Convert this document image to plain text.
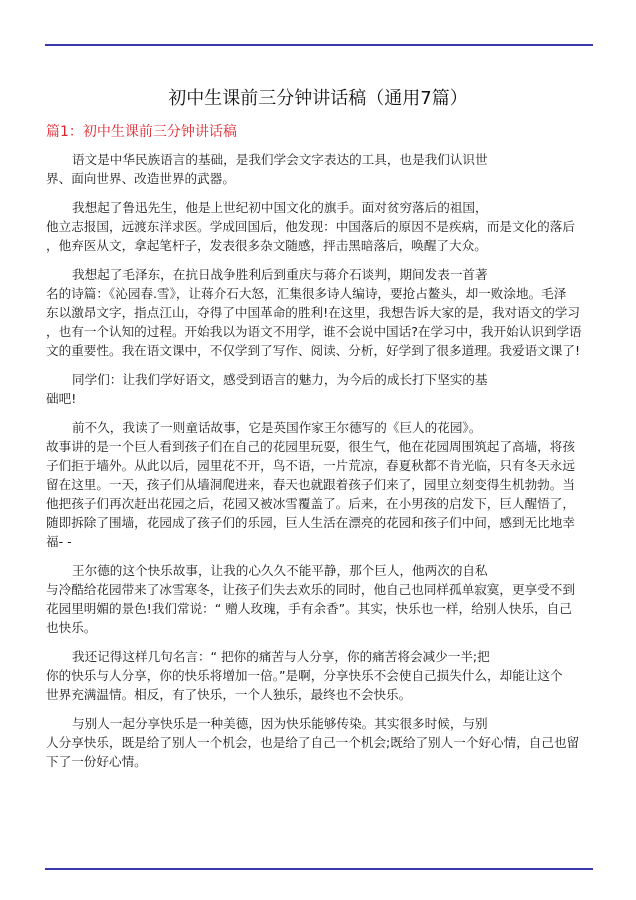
初中生课前三分钟讲话稿（通用7篇）
篇1：初中生课前三分钟讲话稿
语文是中华民族语言的基础，是我们学会文字表达的工具，也是我们认识世
界、面向世界、改造世界的武器。
我想起了鲁迅先生，他是上世纪初中国文化的旗手。面对贫穷落后的祖国，
他立志报国，远渡东洋求医。学成回国后，他发现：中国落后的原因不是疾病，而是文化的落后
，他弃医从文，拿起笔杆子，发表很多杂文随感，抨击黑暗落后，唤醒了大众。
我想起了毛泽东，在抗日战争胜利后到重庆与蒋介石谈判，期间发表一首著
名的诗篇：《沁园春.雪》，让蒋介石大怒，汇集很多诗人编诗，要抢占鳌头，却一败涂地。毛泽
东以激昂文字，指点江山，夺得了中国革命的胜利!在这里，我想告诉大家的是，我对语文的学习
，也有一个认知的过程。开始我以为语文不用学，谁不会说中国话?在学习中，我开始认识到学语
文的重要性。我在语文课中，不仅学到了写作、阅读、分析，好学到了很多道理。我爱语文课了!
同学们：让我们学好语文，感受到语言的魅力，为今后的成长打下坚实的基
础吧!
前不久，我读了一则童话故事，它是英国作家王尔德写的《巨人的花园》。
故事讲的是一个巨人看到孩子们在自己的花园里玩耍，很生气，他在花园周围筑起了高墙，将孩
子们拒于墙外。从此以后，园里花不开，鸟不语，一片荒凉，春夏秋都不肯光临，只有冬天永远
留在这里。一天，孩子们从墙洞爬进来，春天也就跟着孩子们来了，园里立刻变得生机勃勃。当
他把孩子们再次赶出花园之后，花园又被冰雪覆盖了。后来，在小男孩的启发下，巨人醒悟了，
随即拆除了围墙，花园成了孩子们的乐园，巨人生活在漂亮的花园和孩子们中间，感到无比地幸
福- -
王尔德的这个快乐故事，让我的心久久不能平静，那个巨人，他两次的自私
与冷酷给花园带来了冰雪寒冬，让孩子们失去欢乐的同时，他自己也同样孤单寂寞，更享受不到
花园里明媚的景色!我们常说：“ 赠人玫瑰，手有余香”。其实，快乐也一样，给别人快乐，自己
也快乐。
我还记得这样几句名言：“ 把你的痛苦与人分享，你的痛苦将会减少一半;把
你的快乐与人分享，你的快乐将增加一倍。”是啊，分享快乐不会使自己损失什么，却能让这个
世界充满温情。相反，有了快乐，一个人独乐，最终也不会快乐。
与别人一起分享快乐是一种美德，因为快乐能够传染。其实很多时候，与别
人分享快乐，既是给了别人一个机会，也是给了自己一个机会;既给了别人一个好心情，自己也留
下了一份好心情。
